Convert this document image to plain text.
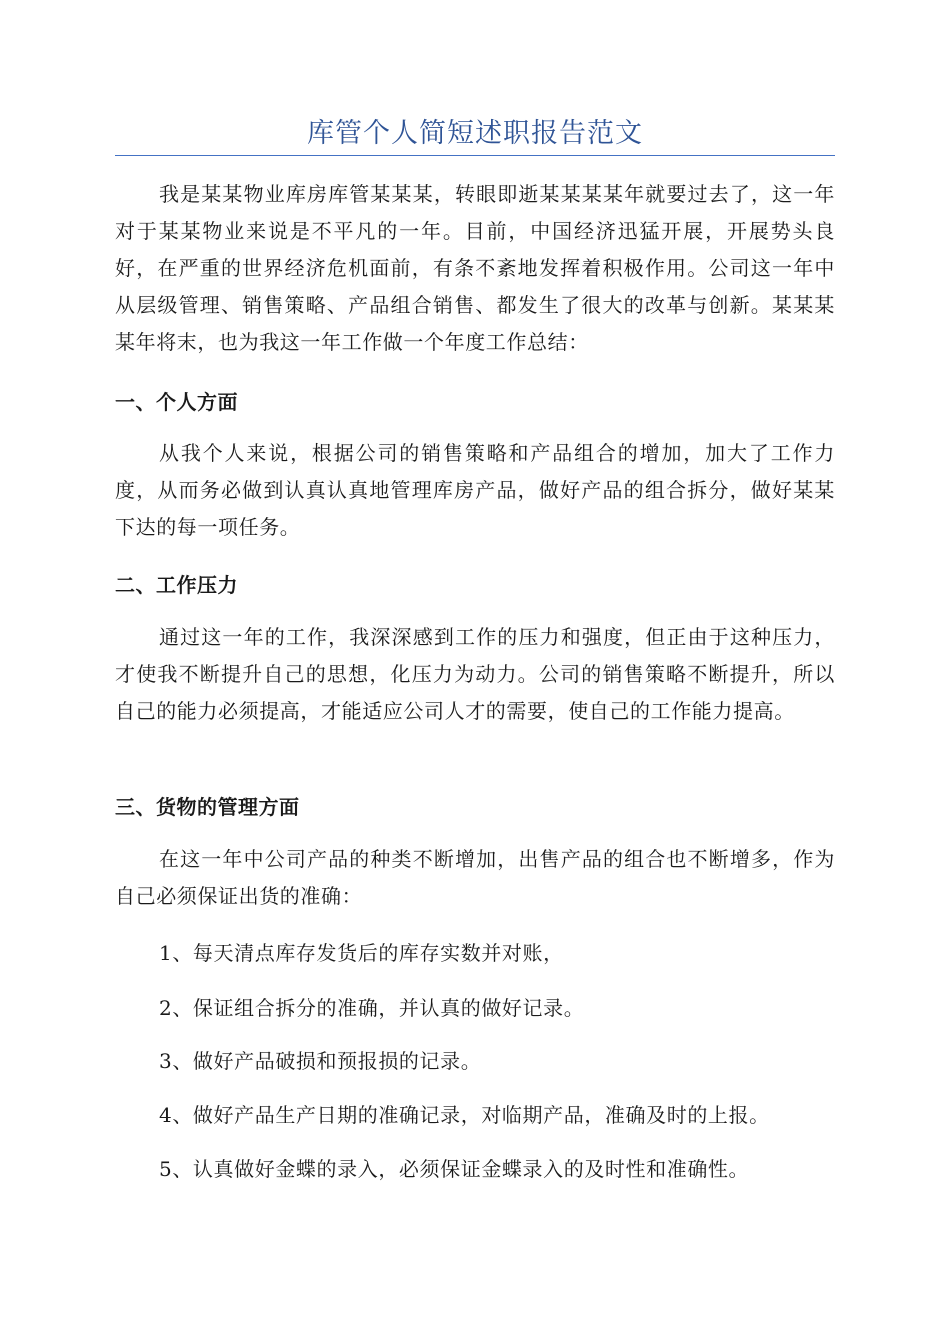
库管个人简短述职报告范文

我是某某物业库房库管某某某，转眼即逝某某某某年就要过去了，这一年对于某某物业来说是不平凡的一年。目前，中国经济迅猛开展，开展势头良好，在严重的世界经济危机面前，有条不紊地发挥着积极作用。公司这一年中从层级管理、销售策略、产品组合销售、都发生了很大的改革与创新。某某某某年将末，也为我这一年工作做一个年度工作总结：

一、个人方面

从我个人来说，根据公司的销售策略和产品组合的增加，加大了工作力度，从而务必做到认真认真地管理库房产品，做好产品的组合拆分，做好某某下达的每一项任务。

二、工作压力

通过这一年的工作，我深深感到工作的压力和强度，但正由于这种压力，才使我不断提升自己的思想，化压力为动力。公司的销售策略不断提升，所以自己的能力必须提高，才能适应公司人才的需要，使自己的工作能力提高。

三、货物的管理方面

在这一年中公司产品的种类不断增加，出售产品的组合也不断增多，作为自己必须保证出货的准确：

1、每天清点库存发货后的库存实数并对账，

2、保证组合拆分的准确，并认真的做好记录。

3、做好产品破损和预报损的记录。

4、做好产品生产日期的准确记录，对临期产品，准确及时的上报。

5、认真做好金蝶的录入，必须保证金蝶录入的及时性和准确性。
